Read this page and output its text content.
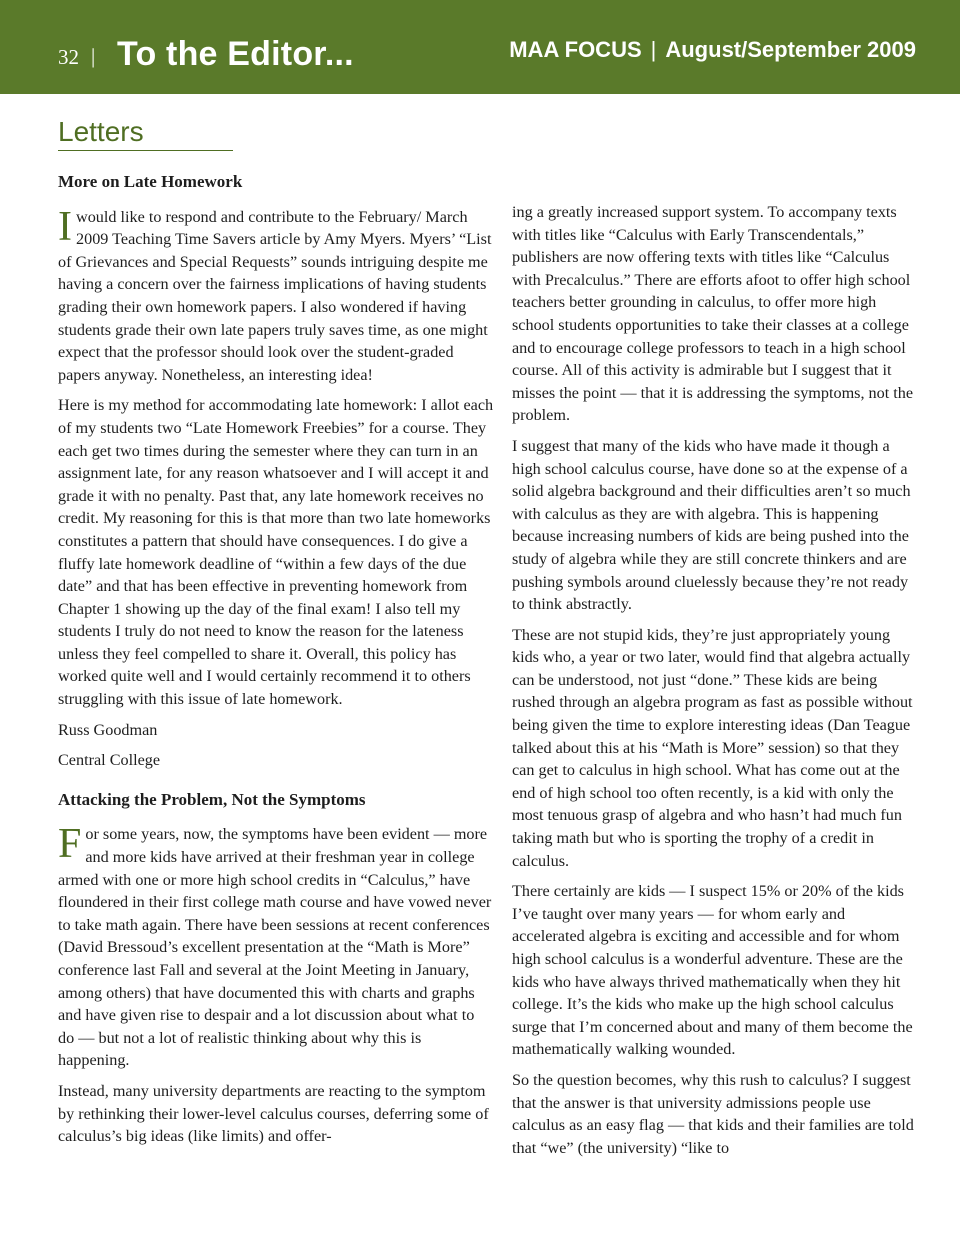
32 | To the Editor...	MAA FOCUS | August/September 2009
Letters
More on Late Homework

Iwould like to respond and contribute to the February/ March 2009 Teaching Time Savers article by Amy Myers. Myers’ “List of Grievances and Special Requests” sounds intriguing despite me having a concern over the fairness implications of having students grading their own homework papers. I also wondered if having students grade their own late papers truly saves time, as one might expect that the professor should look over the student-graded papers anyway. Nonetheless, an interesting idea!

Here is my method for accommodating late homework: I allot each of my students two “Late Homework Freebies” for a course. They each get two times during the semester where they can turn in an assignment late, for any reason whatsoever and I will accept it and grade it with no penalty. Past that, any late homework receives no credit. My reasoning for this is that more than two late homeworks constitutes a pattern that should have consequences. I do give a fluffy late homework deadline of “within a few days of the due date” and that has been effective in preventing homework from Chapter 1 showing up the day of the final exam! I also tell my students I truly do not need to know the reason for the lateness unless they feel compelled to share it. Overall, this policy has worked quite well and I would certainly recommend it to others struggling with this issue of late homework.

Russ Goodman

Central College

Attacking the Problem, Not the Symptoms

For some years, now, the symptoms have been evident — more and more kids have arrived at their freshman year in college armed with one or more high school credits in “Calculus,” have floundered in their first college math course and have vowed never to take math again. There have been sessions at recent conferences (David Bressoud’s excellent presentation at the “Math is More” conference last Fall and several at the Joint Meeting in January, among others) that have documented this with charts and graphs and have given rise to despair and a lot discussion about what to do — but not a lot of realistic thinking about why this is happening.

Instead, many university departments are reacting to the symptom by rethinking their lower-level calculus courses, deferring some of calculus’s big ideas (like limits) and offer-

ing a greatly increased support system. To accompany texts with titles like “Calculus with Early Transcendentals,” publishers are now offering texts with titles like “Calculus with Precalculus.” There are efforts afoot to offer high school teachers better grounding in calculus, to offer more high school students opportunities to take their classes at a college and to encourage college professors to teach in a high school course. All of this activity is admirable but I suggest that it misses the point — that it is addressing the symptoms, not the problem.

I suggest that many of the kids who have made it though a high school calculus course, have done so at the expense of a solid algebra background and their difficulties aren’t so much with calculus as they are with algebra. This is happening because increasing numbers of kids are being pushed into the study of algebra while they are still concrete thinkers and are pushing symbols around cluelessly because they’re not ready to think abstractly.

These are not stupid kids, they’re just appropriately young kids who, a year or two later, would find that algebra actually can be understood, not just “done.” These kids are being rushed through an algebra program as fast as possible without being given the time to explore interesting ideas (Dan Teague talked about this at his “Math is More” session) so that they can get to calculus in high school. What has come out at the end of high school too often recently, is a kid with only the most tenuous grasp of algebra and who hasn’t had much fun taking math but who is sporting the trophy of a credit in calculus.

There certainly are kids — I suspect 15% or 20% of the kids I’ve taught over many years — for whom early and accelerated algebra is exciting and accessible and for whom high school calculus is a wonderful adventure. These are the kids who have always thrived mathematically when they hit college. It’s the kids who make up the high school calculus surge that I’m concerned about and many of them become the mathematically walking wounded.

So the question becomes, why this rush to calculus? I suggest that the answer is that university admissions people use calculus as an easy flag — that kids and their families are told that “we” (the university) “like to
